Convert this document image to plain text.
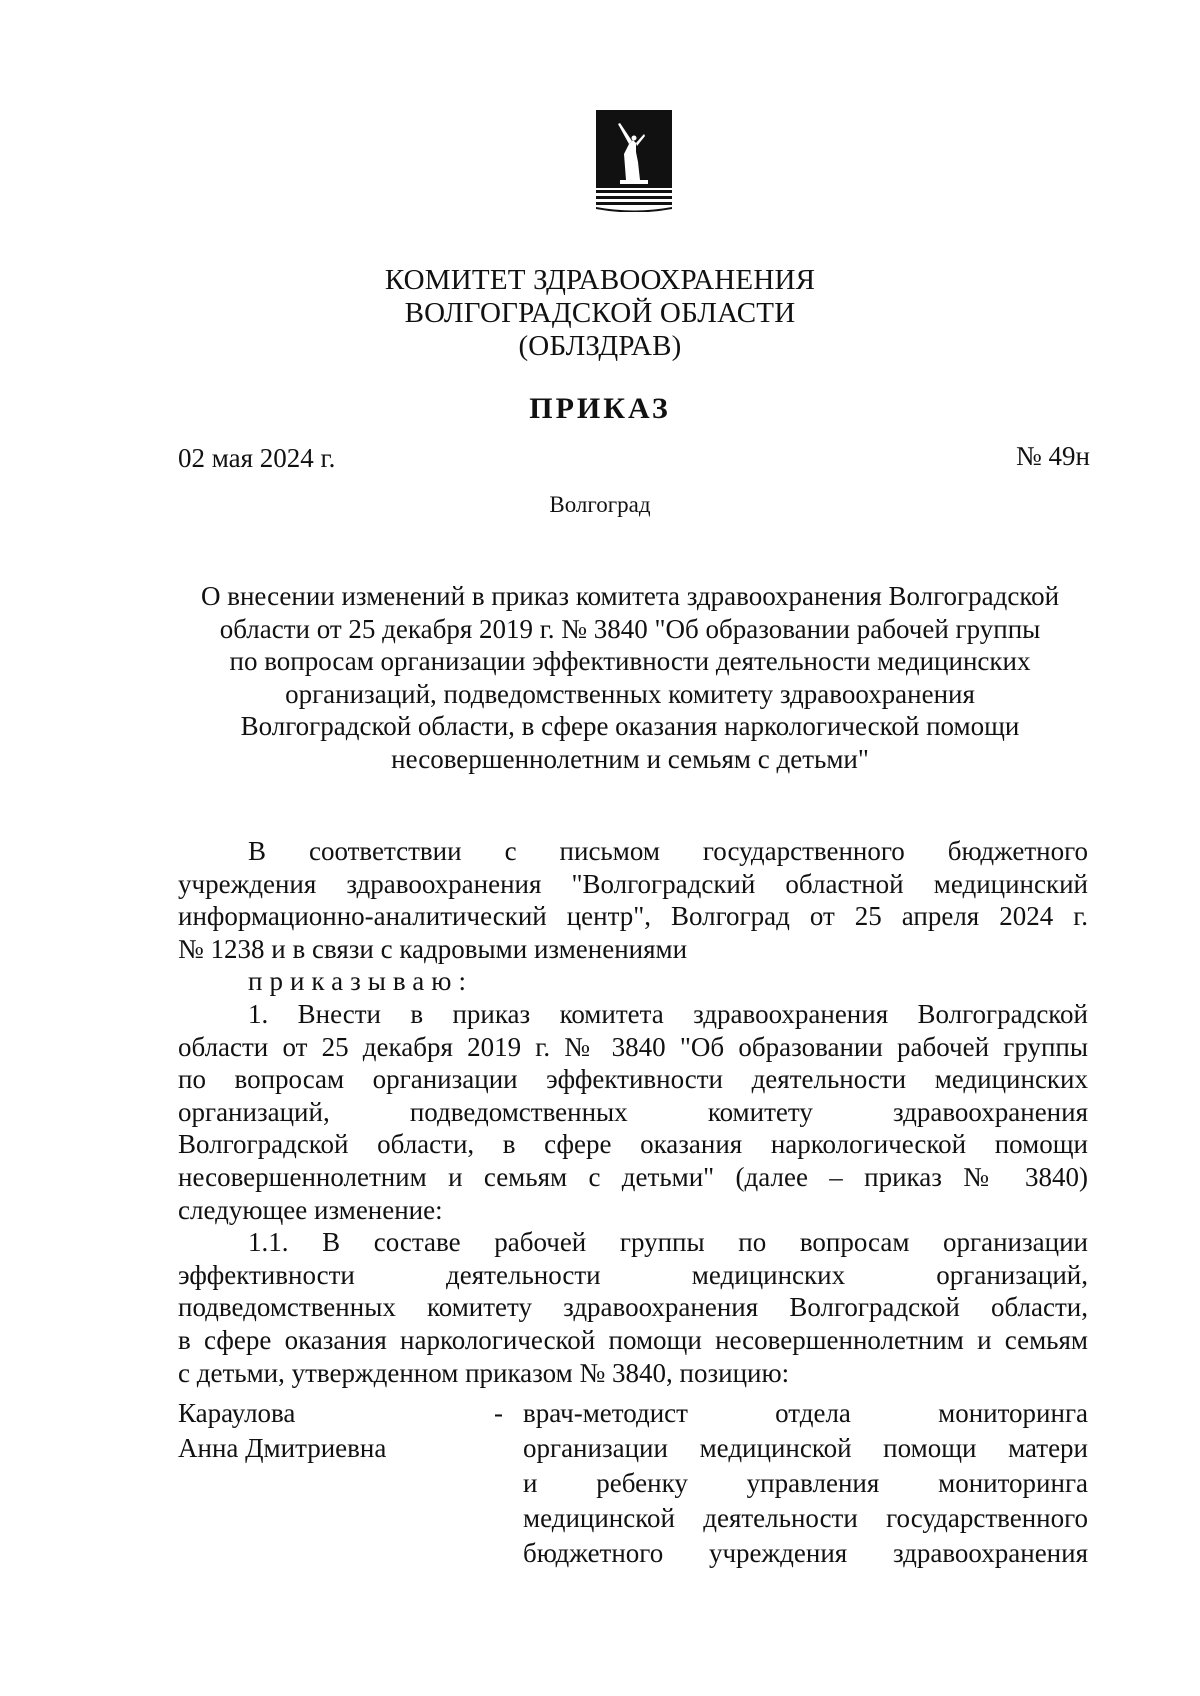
КОМИТЕТ ЗДРАВООХРАНЕНИЯ
ВОЛГОГРАДСКОЙ ОБЛАСТИ
(ОБЛЗДРАВ)
ПРИКАЗ
02 мая 2024 г.	№ 49н
Волгоград
О внесении изменений в приказ комитета здравоохранения Волгоградской
области от 25 декабря 2019 г. № 3840 "Об образовании рабочей группы
по вопросам организации эффективности деятельности медицинских
организаций, подведомственных комитету здравоохранения
Волгоградской области, в сфере оказания наркологической помощи
несовершеннолетним и семьям с детьми"
В соответствии с письмом государственного бюджетного
учреждения здравоохранения "Волгоградский областной медицинский
информационно-аналитический центр", Волгоград от 25 апреля 2024 г.
№ 1238 и в связи с кадровыми изменениями
приказываю:
1. Внести в приказ комитета здравоохранения Волгоградской
области от 25 декабря 2019 г. № 3840 "Об образовании рабочей группы
по вопросам организации эффективности деятельности медицинских
организаций, подведомственных комитету здравоохранения
Волгоградской области, в сфере оказания наркологической помощи
несовершеннолетним и семьям с детьми" (далее – приказ № 3840)
следующее изменение:
1.1. В составе рабочей группы по вопросам организации
эффективности деятельности медицинских организаций,
подведомственных комитету здравоохранения Волгоградской области,
в сфере оказания наркологической помощи несовершеннолетним и семьям
с детьми, утвержденном приказом № 3840, позицию:
Караулова
Анна Дмитриевна
- врач-методист отдела мониторинга
организации медицинской помощи матери
и ребенку управления мониторинга
медицинской деятельности государственного
бюджетного учреждения здравоохранения
